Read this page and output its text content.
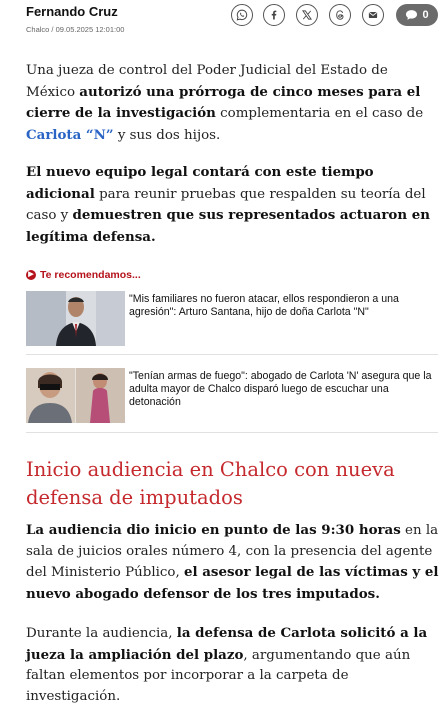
Fernando Cruz
Chalco / 09.05.2025 12:01:00
0

Una jueza de control del Poder Judicial del Estado de México autorizó una prórroga de cinco meses para el cierre de la investigación complementaria en el caso de Carlota “N” y sus dos hijos.

El nuevo equipo legal contará con este tiempo adicional para reunir pruebas que respalden su teoría del caso y demuestren que sus representados actuaron en legítima defensa.

▶ Te recomendamos...
"Mis familiares no fueron atacar, ellos respondieron a una agresión": Arturo Santana, hijo de doña Carlota "N"
"Tenían armas de fuego": abogado de Carlota 'N' asegura que la adulta mayor de Chalco disparó luego de escuchar una detonación
Inicio audiencia en Chalco con nueva defensa de imputados

La audiencia dio inicio en punto de las 9:30 horas en la sala de juicios orales número 4, con la presencia del agente del Ministerio Público, el asesor legal de las víctimas y el nuevo abogado defensor de los tres imputados.

Durante la audiencia, la defensa de Carlota solicitó a la jueza la ampliación del plazo, argumentando que aún faltan elementos por incorporar a la carpeta de investigación.
